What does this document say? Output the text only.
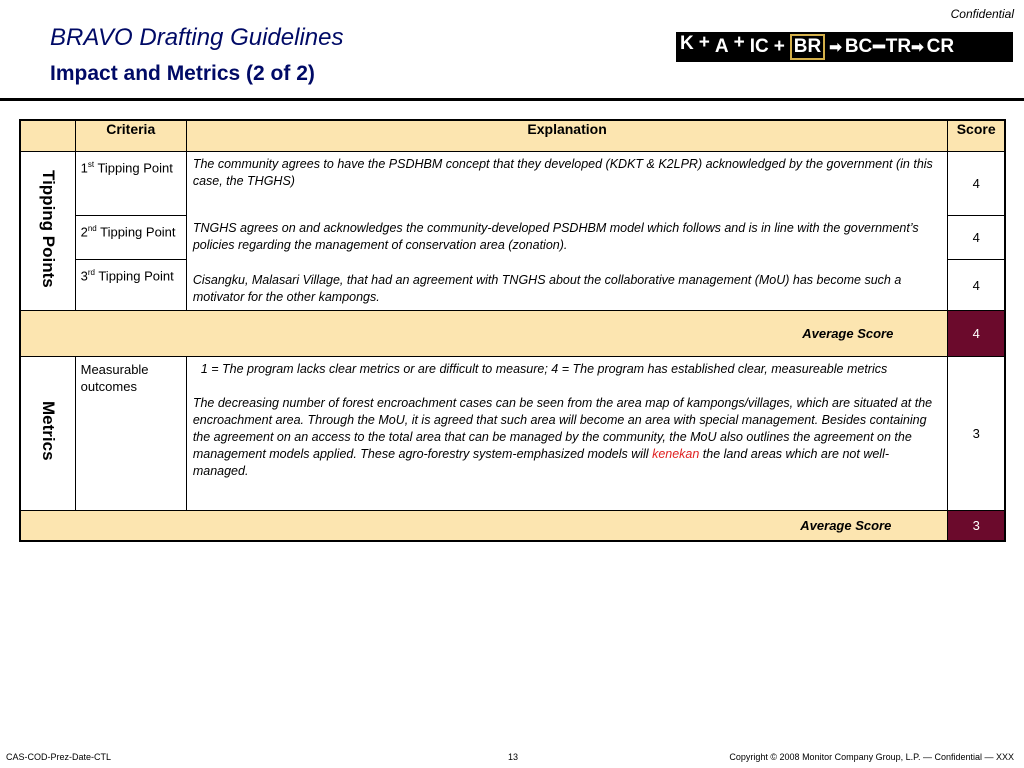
Confidential
BRAVO Drafting Guidelines
Impact and Metrics (2 of 2)
K + A + IC + BR ➡ BC ━ TR ➡ CR
	Criteria	Explanation	Score
Tipping Points	1st Tipping Point	The community agrees to have the PSDHBM concept that they developed (KDKT & K2LPR) acknowledged by the government (in this case, the THGHS)	4
	2nd Tipping Point	TNGHS agrees on and acknowledges the community-developed PSDHBM model which follows and is in line with the government’s policies regarding the management of conservation area (zonation).	4
	3rd Tipping Point	Cisangku, Malasari Village, that had an agreement with TNGHS about the collaborative management (MoU) has become such a motivator for the other kampongs.	4
Average Score			4
Metrics	Measurable outcomes	1 = The program lacks clear metrics or are difficult to measure; 4 = The program has established clear, measureable metrics

The decreasing number of forest encroachment cases can be seen from the area map of kampongs/villages, which are situated at the encroachment area. Through the MoU, it is agreed that such area will become an area with special management. Besides containing the agreement on an access to the total area that can be managed by the community, the MoU also outlines the agreement on the management models applied. These agro-forestry system-emphasized models will kenekan the land areas which are not well-managed.	3
Average Score			3
CAS-COD-Prez-Date-CTL	13	Copyright © 2008 Monitor Company Group, L.P. — Confidential — XXX
